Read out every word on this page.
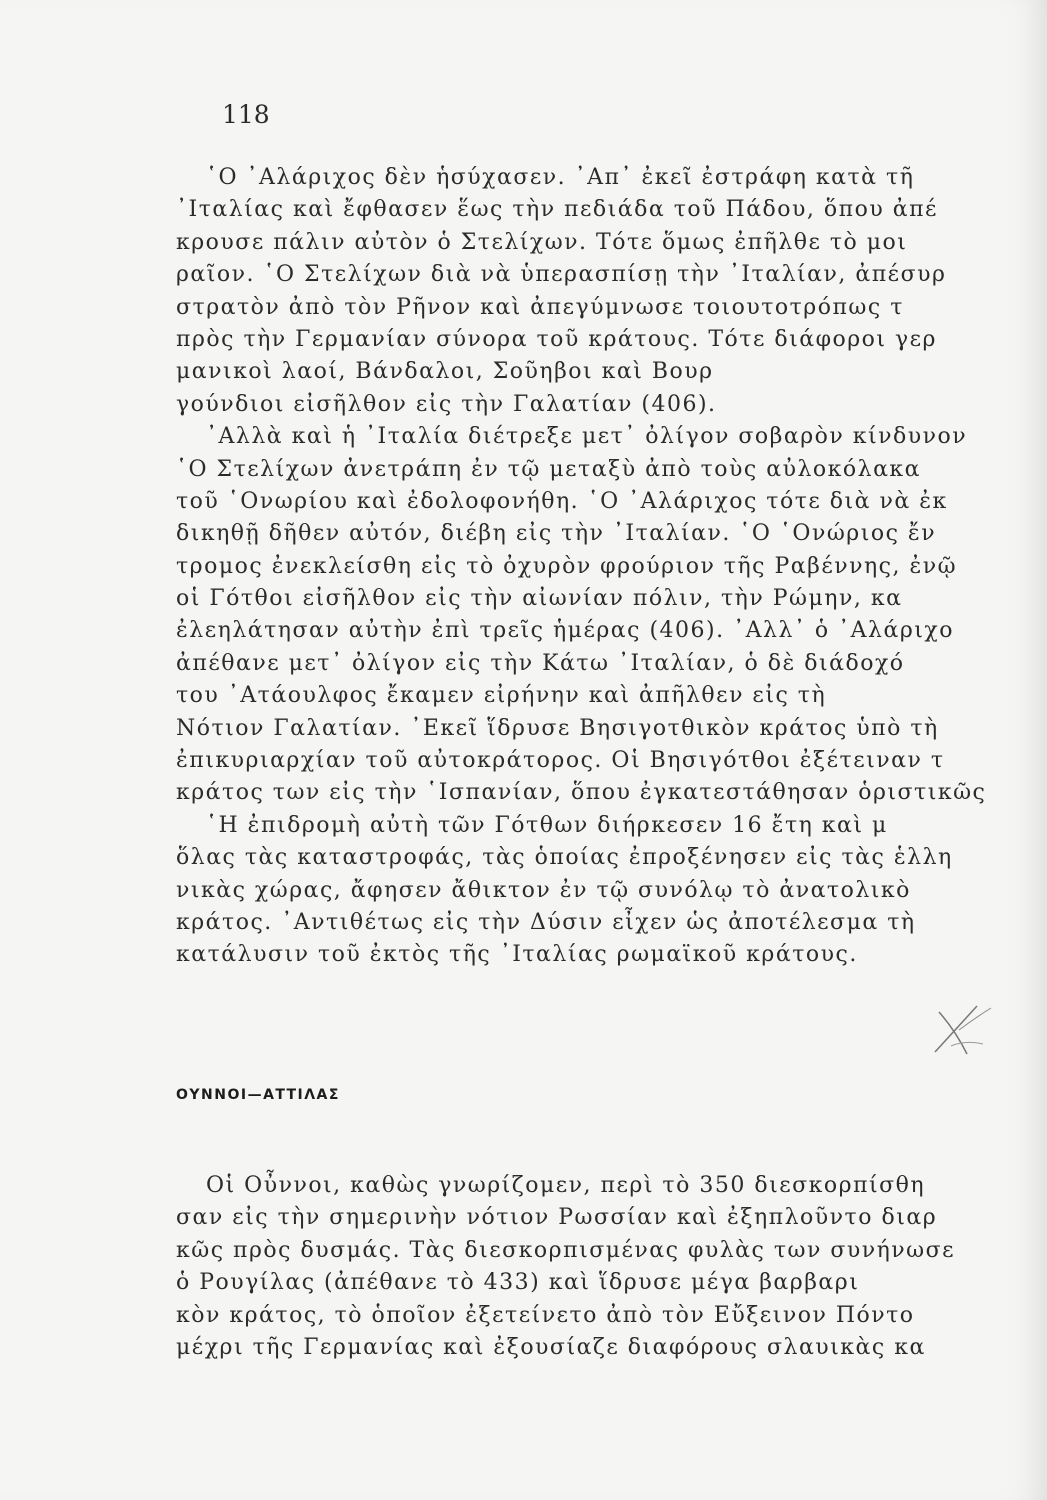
118
῾Ο ᾿Αλάριχος δὲν ἡσύχασεν. ᾿Απ᾿ ἐκεῖ ἐστράφη κατὰ τῆ
᾿Ιταλίας καὶ ἔφθασεν ἕως τὴν πεδιάδα τοῦ Πάδου, ὅπου ἀπέ
κρουσε πάλιν αὐτὸν ὁ Στελίχων. Τότε ὅμως ἐπῆλθε τὸ μοι
ραῖον. ῾Ο Στελίχων διὰ νὰ ὑπερασπίσῃ τὴν ᾿Ιταλίαν, ἀπέσυρ
στρατὸν ἀπὸ τὸν Ρῆνον καὶ ἀπεγύμνωσε τοιουτοτρόπως τ
πρὸς τὴν Γερμανίαν σύνορα τοῦ κράτους. Τότε διάφοροι γερ
μανικοὶ λαοί, Βάνδαλοι, Σοῦηβοι καὶ Βουρ
γούνδιοι εἰσῆλθον εἰς τὴν Γαλατίαν (406).
᾿Αλλὰ καὶ ἡ ᾿Ιταλία διέτρεξε μετ᾿ ὀλίγον σοβαρὸν κίνδυνον
῾Ο Στελίχων ἀνετράπη ἐν τῷ μεταξὺ ἀπὸ τοὺς αὐλοκόλακα
τοῦ ῾Ονωρίου καὶ ἐδολοφονήθη. ῾Ο ᾿Αλάριχος τότε διὰ νὰ ἐκ
δικηθῇ δῆθεν αὐτόν, διέβη εἰς τὴν ᾿Ιταλίαν. ῾Ο ῾Ονώριος ἔν
τρομος ἐνεκλείσθη εἰς τὸ ὀχυρὸν φρούριον τῆς Ραβέννης, ἐνῷ
οἱ Γότθοι εἰσῆλθον εἰς τὴν αἰωνίαν πόλιν, τὴν Ρώμην, κα
ἐλεηλάτησαν αὐτὴν ἐπὶ τρεῖς ἡμέρας (406). ᾿Αλλ᾿ ὁ ᾿Αλάριχο
ἀπέθανε μετ᾿ ὀλίγον εἰς τὴν Κάτω ᾿Ιταλίαν, ὁ δὲ διάδοχό
του ᾿Ατάουλφος ἔκαμεν εἰρήνην καὶ ἀπῆλθεν εἰς τὴ
Νότιον Γαλατίαν. ᾿Εκεῖ ἵδρυσε Βησιγοτθικὸν κράτος ὑπὸ τὴ
ἐπικυριαρχίαν τοῦ αὐτοκράτορος. Οἱ Βησιγότθοι ἐξέτειναν τ
κράτος των εἰς τὴν ῾Ισπανίαν, ὅπου ἐγκατεστάθησαν ὁριστικῶς
῾Η ἐπιδρομὴ αὐτὴ τῶν Γότθων διήρκεσεν 16 ἔτη καὶ μ
ὅλας τὰς καταστροφάς, τὰς ὁποίας ἐπροξένησεν εἰς τὰς ἑλλη
νικὰς χώρας, ἄφησεν ἄθικτον ἐν τῷ συνόλῳ τὸ ἀνατολικὸ
κράτος. ᾿Αντιθέτως εἰς τὴν Δύσιν εἶχεν ὡς ἀποτέλεσμα τὴ
κατάλυσιν τοῦ ἐκτὸς τῆς ᾿Ιταλίας ρωμαϊκοῦ κράτους.
ΟΥΝΝΟΙ—ΑΤΤΙΛΑΣ
Οἱ Οὖννοι, καθὼς γνωρίζομεν, περὶ τὸ 350 διεσκορπίσθη
σαν εἰς τὴν σημερινὴν νότιον Ρωσσίαν καὶ ἐξηπλοῦντο διαρ
κῶς πρὸς δυσμάς. Τὰς διεσκορπισμένας φυλὰς των συνήνωσε
ὁ Ρουγίλας (ἀπέθανε τὸ 433) καὶ ἵδρυσε μέγα βαρβαρι
κὸν κράτος, τὸ ὁποῖον ἐξετείνετο ἀπὸ τὸν Εὔξεινον Πόντο
μέχρι τῆς Γερμανίας καὶ ἐξουσίαζε διαφόρους σλαυικὰς κα
